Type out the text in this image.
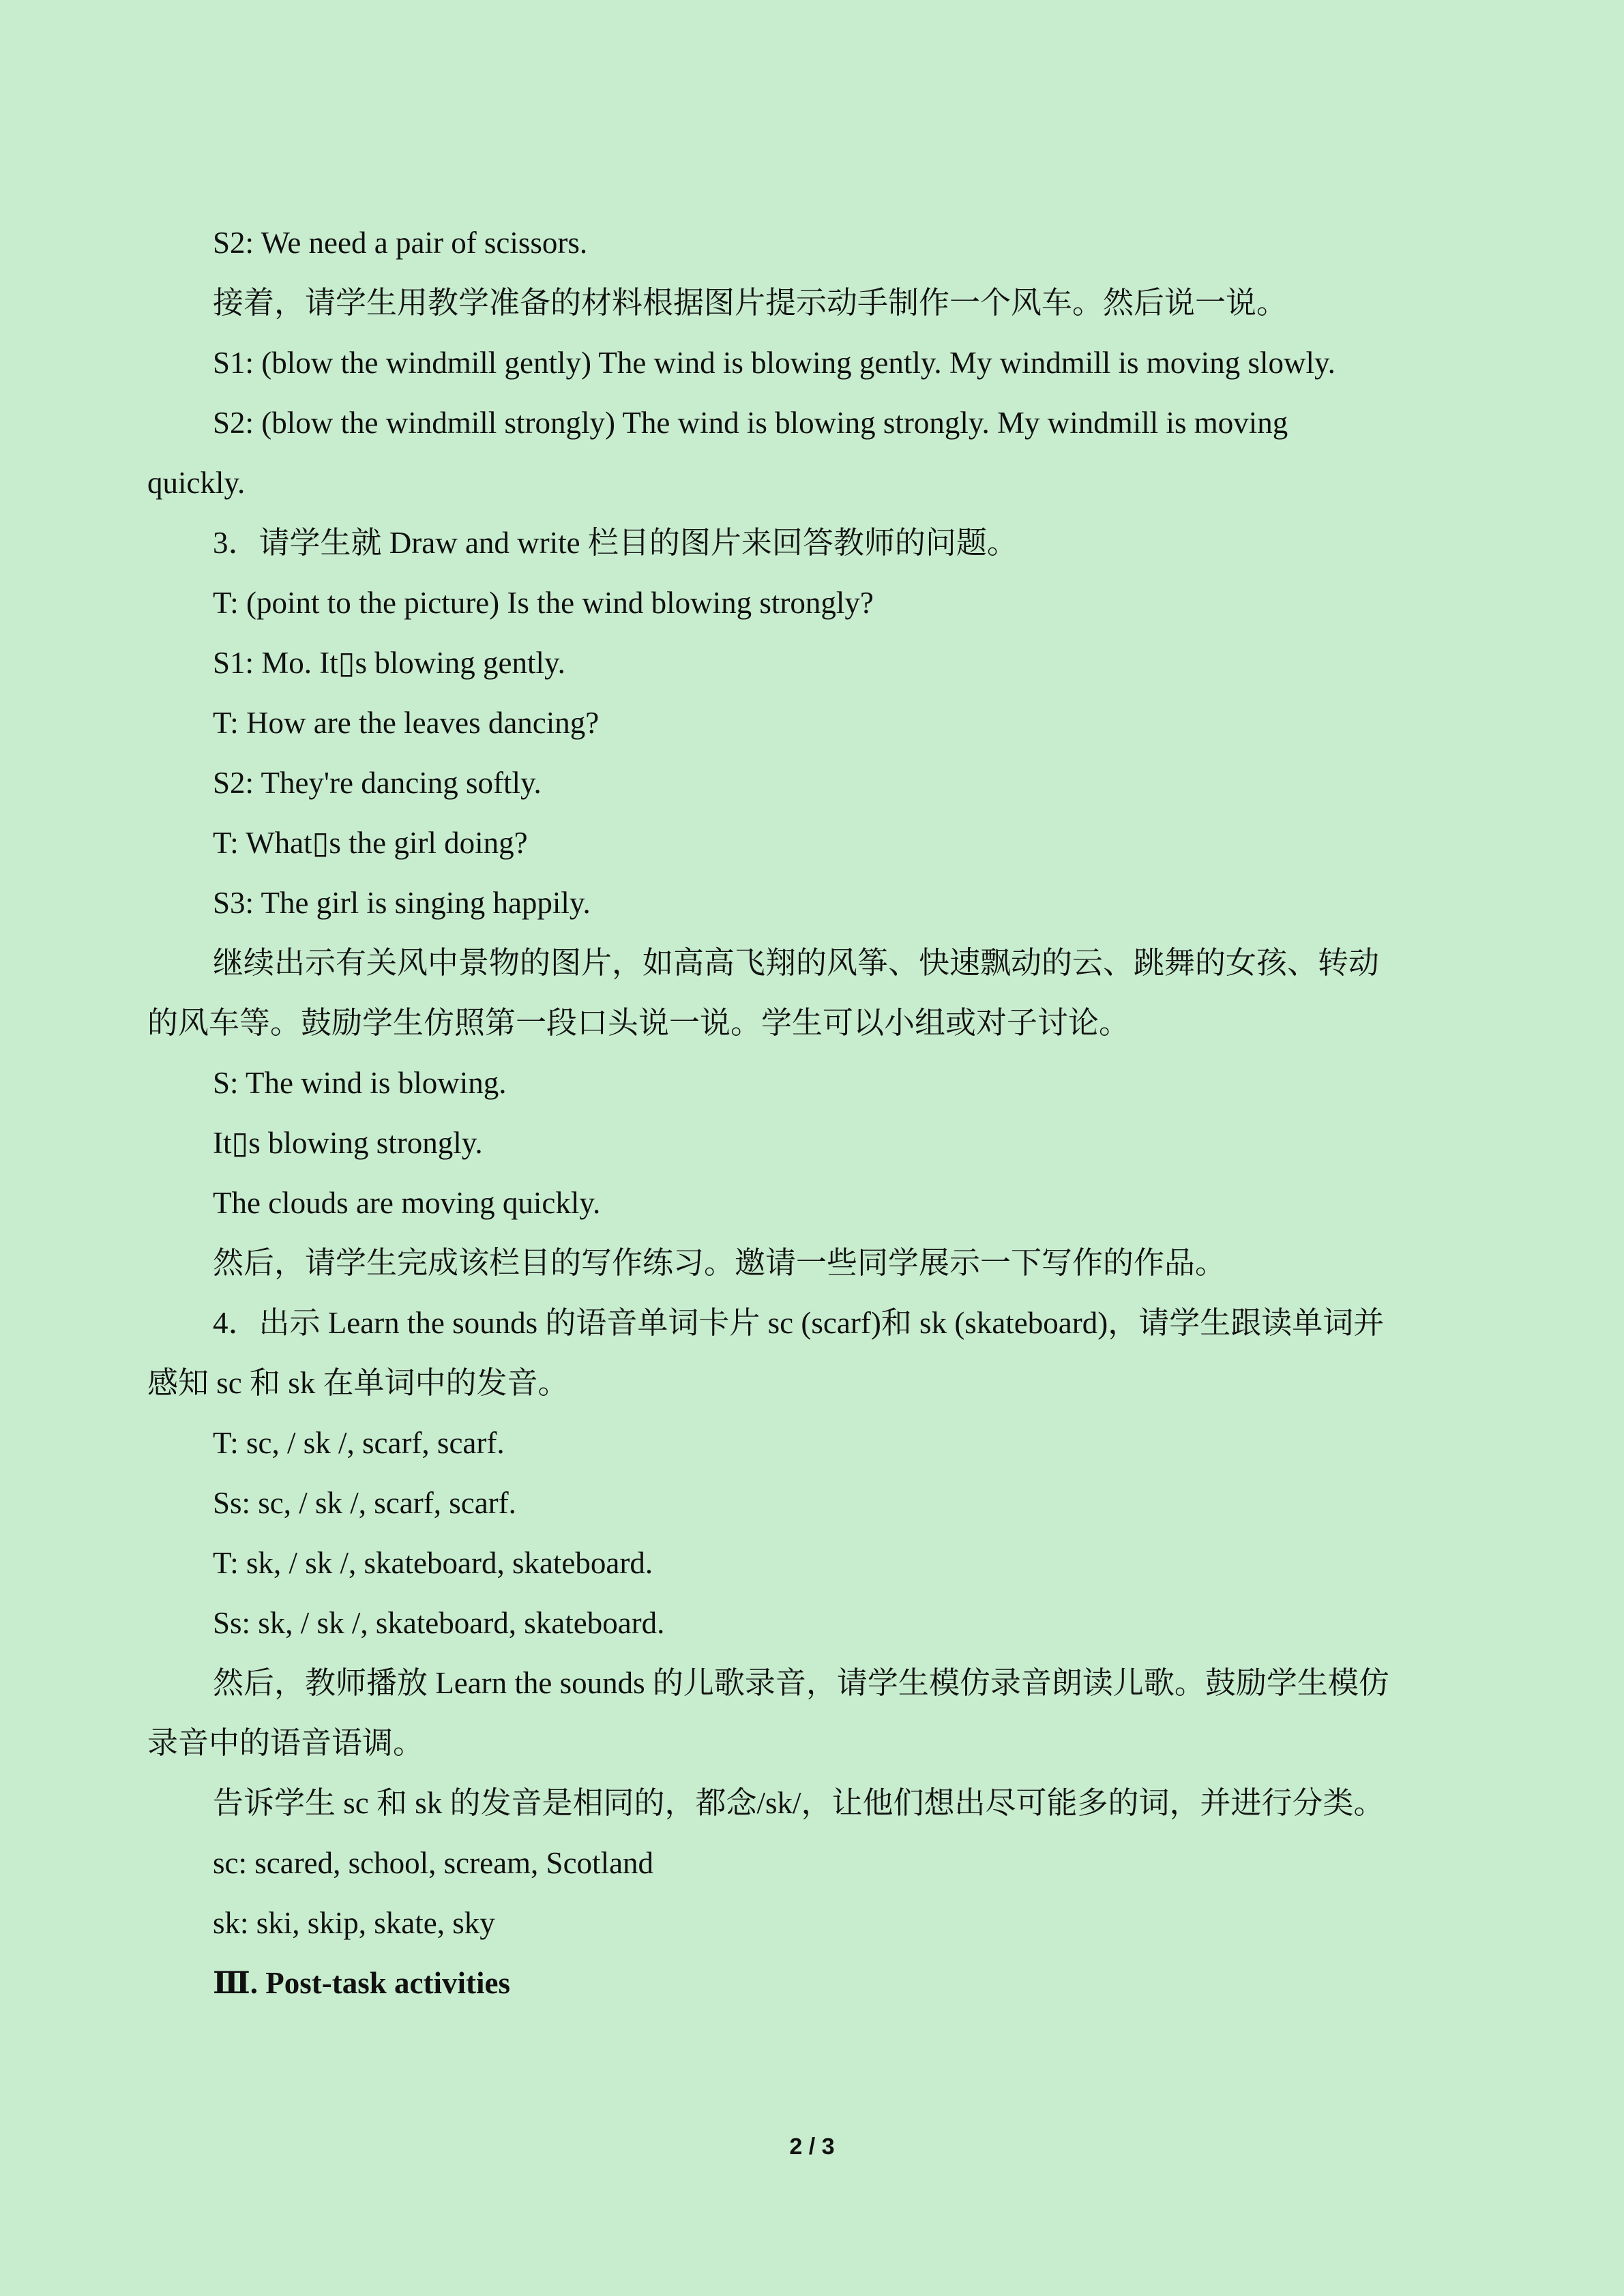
S2: We need a pair of scissors.

接着，请学生用教学准备的材料根据图片提示动手制作一个风车。然后说一说。

S1: (blow the windmill gently) The wind is blowing gently. My windmill is moving slowly.

S2: (blow the windmill strongly) The wind is blowing strongly. My windmill is moving

quickly.

3．请学生就 Draw and write 栏目的图片来回答教师的问题。

T: (point to the picture) Is the wind blowing strongly?

S1: Mo. It▯s blowing gently.

T: How are the leaves dancing?

S2: They're dancing softly.

T: What▯s the girl doing?

S3: The girl is singing happily.

继续出示有关风中景物的图片，如高高飞翔的风筝、快速飘动的云、跳舞的女孩、转动

的风车等。鼓励学生仿照第一段口头说一说。学生可以小组或对子讨论。

S: The wind is blowing.

It▯s blowing strongly.

The clouds are moving quickly.

然后，请学生完成该栏目的写作练习。邀请一些同学展示一下写作的作品。

4．出示 Learn the sounds 的语音单词卡片 sc (scarf)和 sk (skateboard)，请学生跟读单词并

感知 sc 和 sk 在单词中的发音。

T: sc, / sk /, scarf, scarf.

Ss: sc, / sk /, scarf, scarf.

T: sk, / sk /, skateboard, skateboard.

Ss: sk, / sk /, skateboard, skateboard.

然后，教师播放 Learn the sounds 的儿歌录音，请学生模仿录音朗读儿歌。鼓励学生模仿

录音中的语音语调。

告诉学生 sc 和 sk 的发音是相同的，都念/sk/，让他们想出尽可能多的词，并进行分类。

sc: scared, school, scream, Scotland

sk: ski, skip, skate, sky

Ⅲ. Post-task activities

2 / 3
